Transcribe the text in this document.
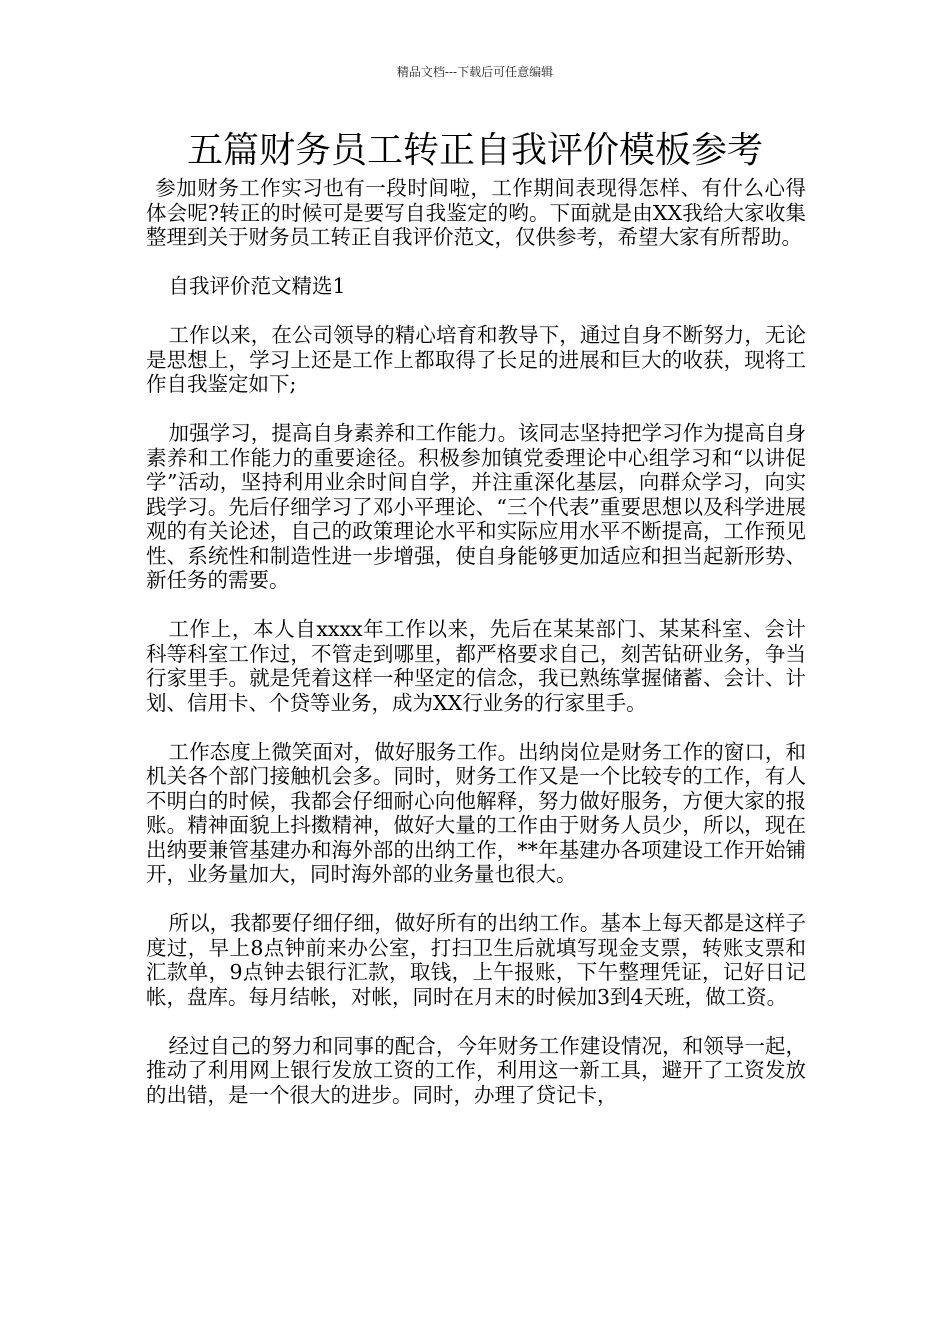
精品文档---下载后可任意编辑
五篇财务员工转正自我评价模板参考

参加财务工作实习也有一段时间啦，工作期间表现得怎样、有什么心得体会呢?转正的时候可是要写自我鉴定的哟。下面就是由XX我给大家收集整理到关于财务员工转正自我评价范文，仅供参考，希望大家有所帮助。

自我评价范文精选1

工作以来，在公司领导的精心培育和教导下，通过自身不断努力，无论是思想上，学习上还是工作上都取得了长足的进展和巨大的收获，现将工作自我鉴定如下;

加强学习，提高自身素养和工作能力。该同志坚持把学习作为提高自身素养和工作能力的重要途径。积极参加镇党委理论中心组学习和“以讲促学”活动，坚持利用业余时间自学，并注重深化基层，向群众学习，向实践学习。先后仔细学习了邓小平理论、“三个代表”重要思想以及科学进展观的有关论述，自己的政策理论水平和实际应用水平不断提高，工作预见性、系统性和制造性进一步增强，使自身能够更加适应和担当起新形势、新任务的需要。

工作上，本人自xxxx年工作以来，先后在某某部门、某某科室、会计科等科室工作过，不管走到哪里，都严格要求自己，刻苦钻研业务，争当行家里手。就是凭着这样一种坚定的信念，我已熟练掌握储蓄、会计、计划、信用卡、个贷等业务，成为XX行业务的行家里手。

工作态度上微笑面对，做好服务工作。出纳岗位是财务工作的窗口，和机关各个部门接触机会多。同时，财务工作又是一个比较专的工作，有人不明白的时候，我都会仔细耐心向他解释，努力做好服务，方便大家的报账。精神面貌上抖擞精神，做好大量的工作由于财务人员少，所以，现在出纳要兼管基建办和海外部的出纳工作，**年基建办各项建设工作开始铺开，业务量加大，同时海外部的业务量也很大。

所以，我都要仔细仔细，做好所有的出纳工作。基本上每天都是这样子度过，早上8点钟前来办公室，打扫卫生后就填写现金支票，转账支票和汇款单，9点钟去银行汇款，取钱，上午报账，下午整理凭证，记好日记帐，盘库。每月结帐，对帐，同时在月末的时候加3到4天班，做工资。

经过自己的努力和同事的配合，今年财务工作建设情况，和领导一起，推动了利用网上银行发放工资的工作，利用这一新工具，避开了工资发放的出错，是一个很大的进步。同时，办理了贷记卡，
